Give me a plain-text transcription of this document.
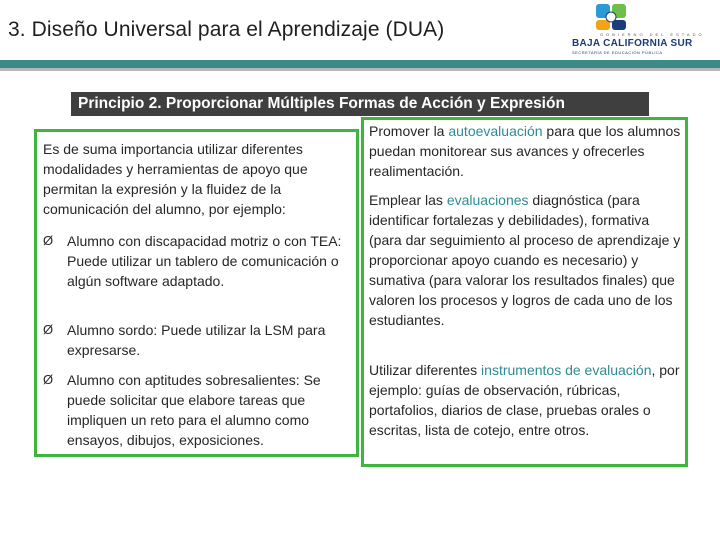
3. Diseño Universal para el Aprendizaje (DUA)	GOBIERNO DEL ESTADO
BAJA CALIFORNIA SUR
SECRETARÍA DE EDUCACIÓN PÚBLICA
Principio 2. Proporcionar Múltiples Formas de Acción y Expresión
Es de suma importancia utilizar diferentes modalidades y herramientas de apoyo que permitan la expresión y la fluidez de la comunicación del alumno, por ejemplo:
Ø Alumno con discapacidad motriz o con TEA: Puede utilizar un tablero de comunicación o algún software adaptado.
Ø Alumno sordo: Puede utilizar la LSM para expresarse.
Ø Alumno con aptitudes sobresalientes: Se puede solicitar que elabore tareas que impliquen un reto para el alumno como ensayos, dibujos, exposiciones.
Promover la autoevaluación para que los alumnos puedan monitorear sus avances y ofrecerles realimentación.
Emplear las evaluaciones diagnóstica (para identificar fortalezas y debilidades), formativa (para dar seguimiento al proceso de aprendizaje y proporcionar apoyo cuando es necesario) y sumativa (para valorar los resultados finales) que valoren los procesos y logros de cada uno de los estudiantes.
Utilizar diferentes instrumentos de evaluación, por ejemplo: guías de observación, rúbricas, portafolios, diarios de clase, pruebas orales o escritas, lista de cotejo, entre otros.
